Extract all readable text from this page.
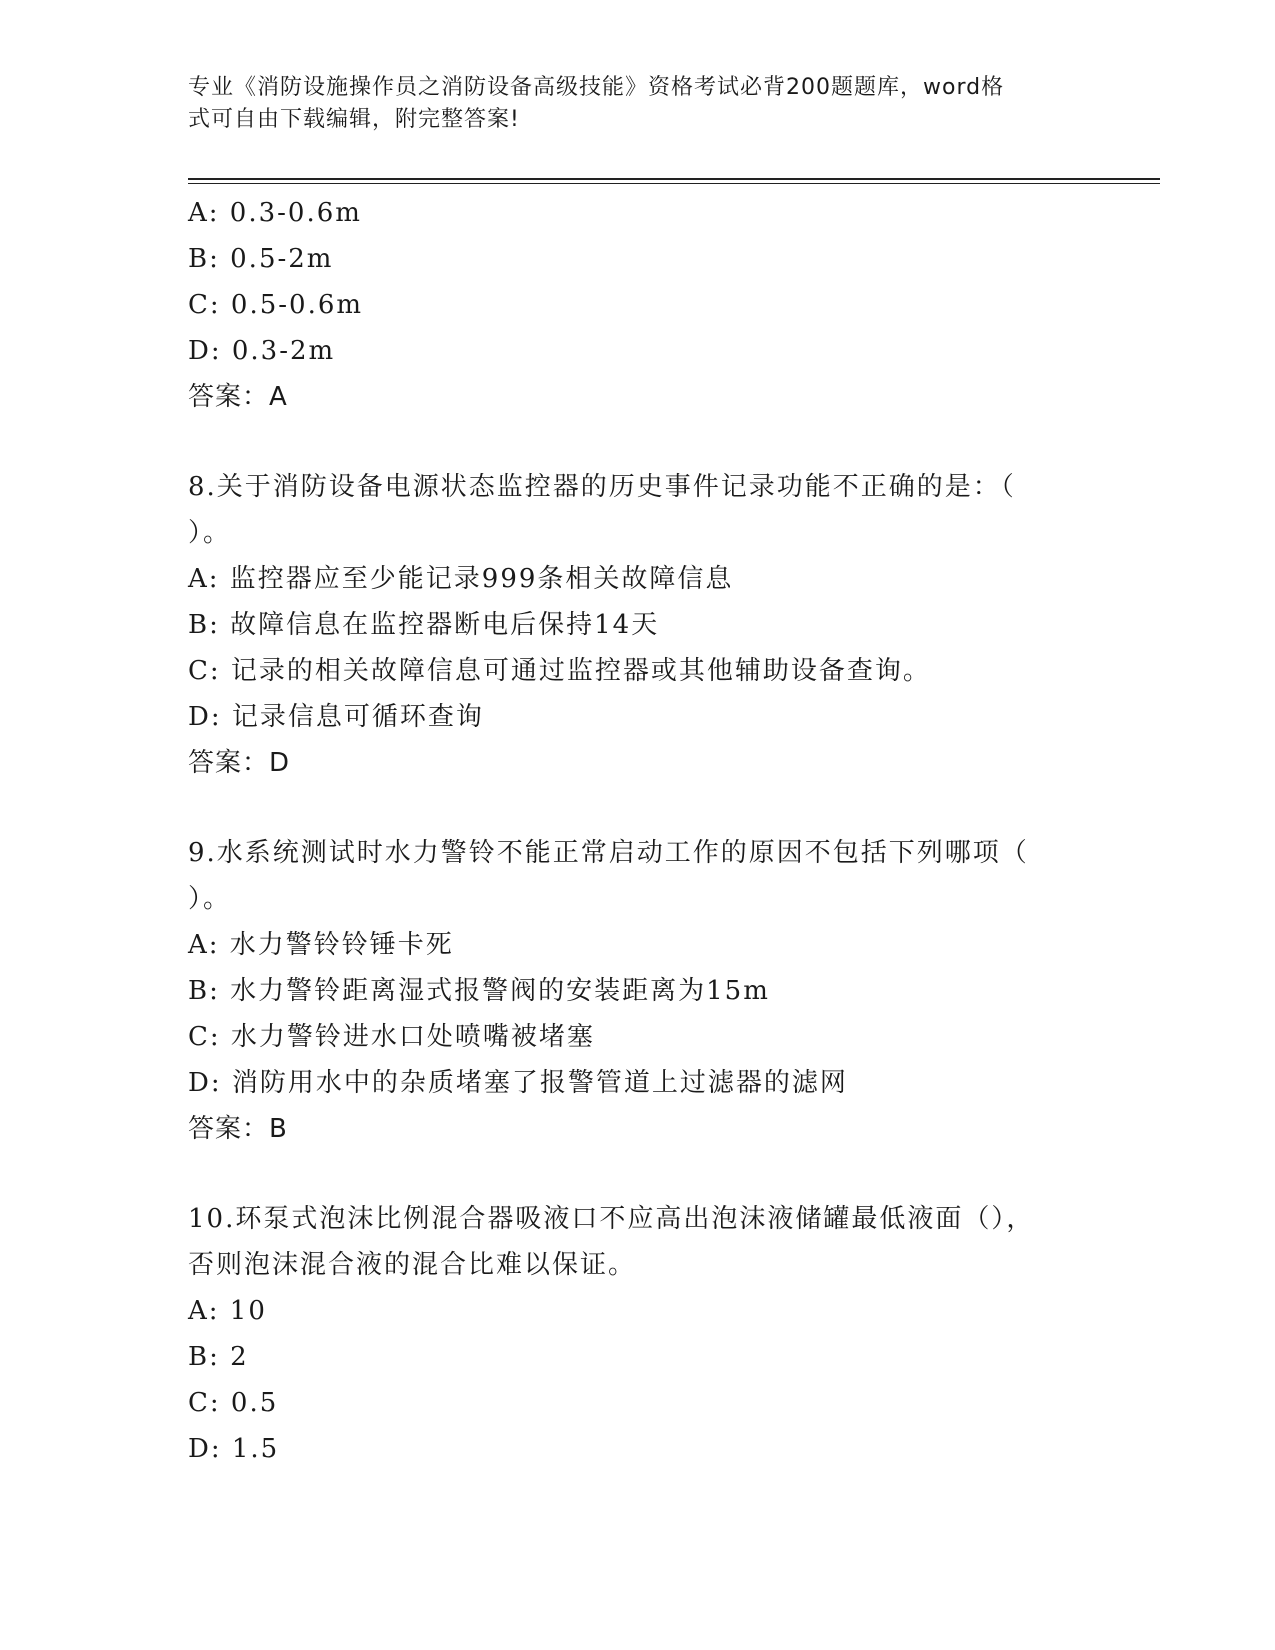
专业《消防设施操作员之消防设备高级技能》资格考试必背200题题库，word格
式可自由下载编辑，附完整答案!
A: 0.3-0.6m
B: 0.5-2m
C: 0.5-0.6m
D: 0.3-2m
答案：A
8.关于消防设备电源状态监控器的历史事件记录功能不正确的是：（
）。
A: 监控器应至少能记录999条相关故障信息
B: 故障信息在监控器断电后保持14天
C: 记录的相关故障信息可通过监控器或其他辅助设备查询。
D: 记录信息可循环查询
答案：D
9.水系统测试时水力警铃不能正常启动工作的原因不包括下列哪项（
）。
A: 水力警铃铃锤卡死
B: 水力警铃距离湿式报警阀的安装距离为15m
C: 水力警铃进水口处喷嘴被堵塞
D: 消防用水中的杂质堵塞了报警管道上过滤器的滤网
答案：B
10.环泵式泡沫比例混合器吸液口不应高出泡沫液储罐最低液面（），
否则泡沫混合液的混合比难以保证。
A: 10
B: 2
C: 0.5
D: 1.5
